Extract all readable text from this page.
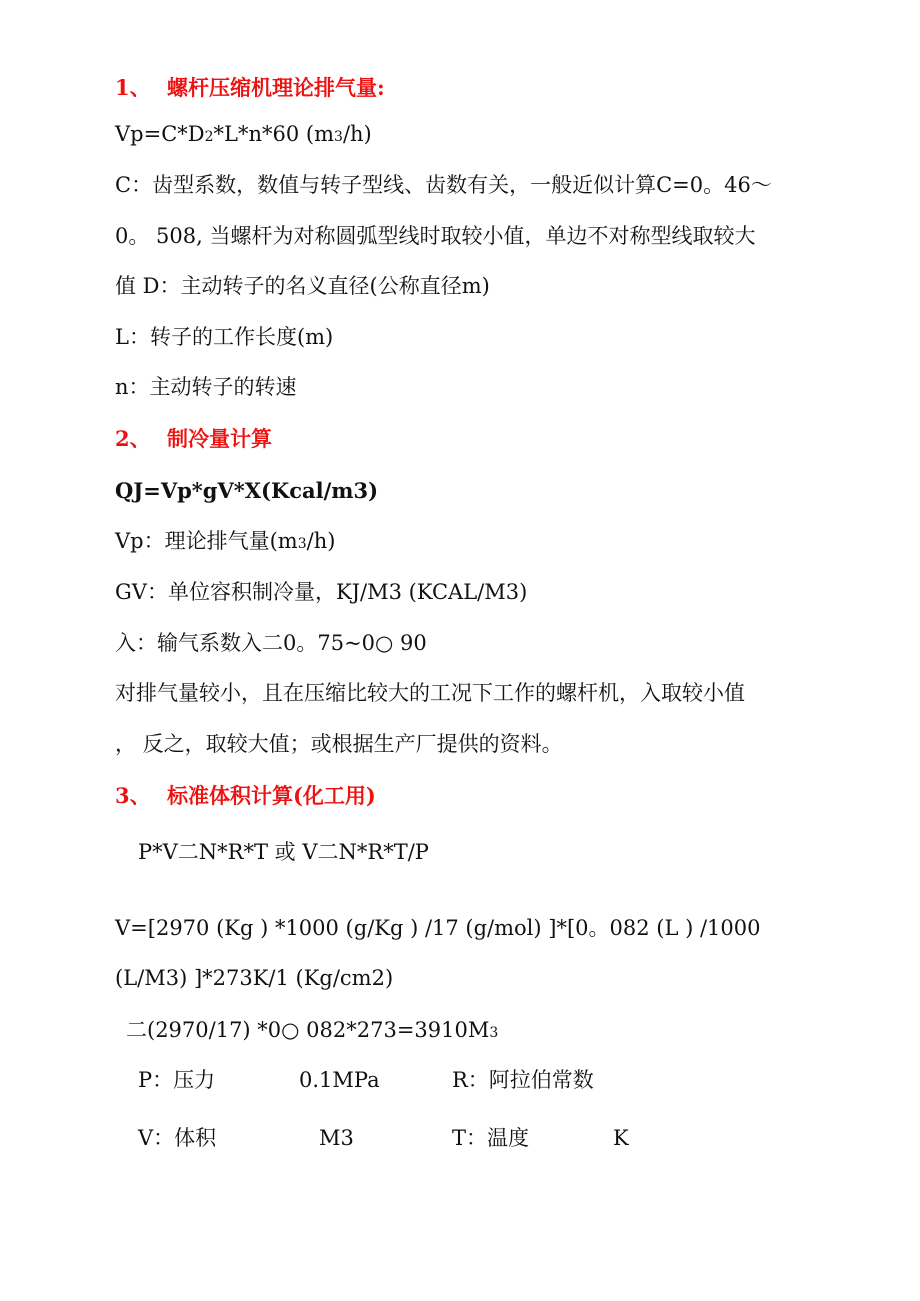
1、 螺杆压缩机理论排气量:
Vp=C*D2*L*n*60 (m3/h)
C：齿型系数，数值与转子型线、齿数有关，一般近似计算C=0。46～
0。 508, 当螺杆为对称圆弧型线时取较小值，单边不对称型线取较大
值 D：主动转子的名义直径(公称直径m)
L：转子的工作长度(m)
n：主动转子的转速
2、 制冷量计算
QJ=Vp*gV*X(Kcal/m3)
Vp：理论排气量(m3/h)
GV：单位容积制冷量，KJ/M3 (KCAL/M3)
入：输气系数入二0。75~0○ 90
对排气量较小，且在压缩比较大的工况下工作的螺杆机，入取较小值
， 反之，取较大值；或根据生产厂提供的资料。
3、 标准体积计算(化工用)
P*V二N*R*T 或 V二N*R*T/P
V=[2970 (Kg ) *1000 (g/Kg ) /17 (g/mol) ]*[0。082 (L ) /1000
(L/M3) ]*273K/1 (Kg/cm2)
二(2970/17) *0○ 082*273=3910M3
P：压力	0.1MPa	R：阿拉伯常数
V：体积	M3	T：温度	K
